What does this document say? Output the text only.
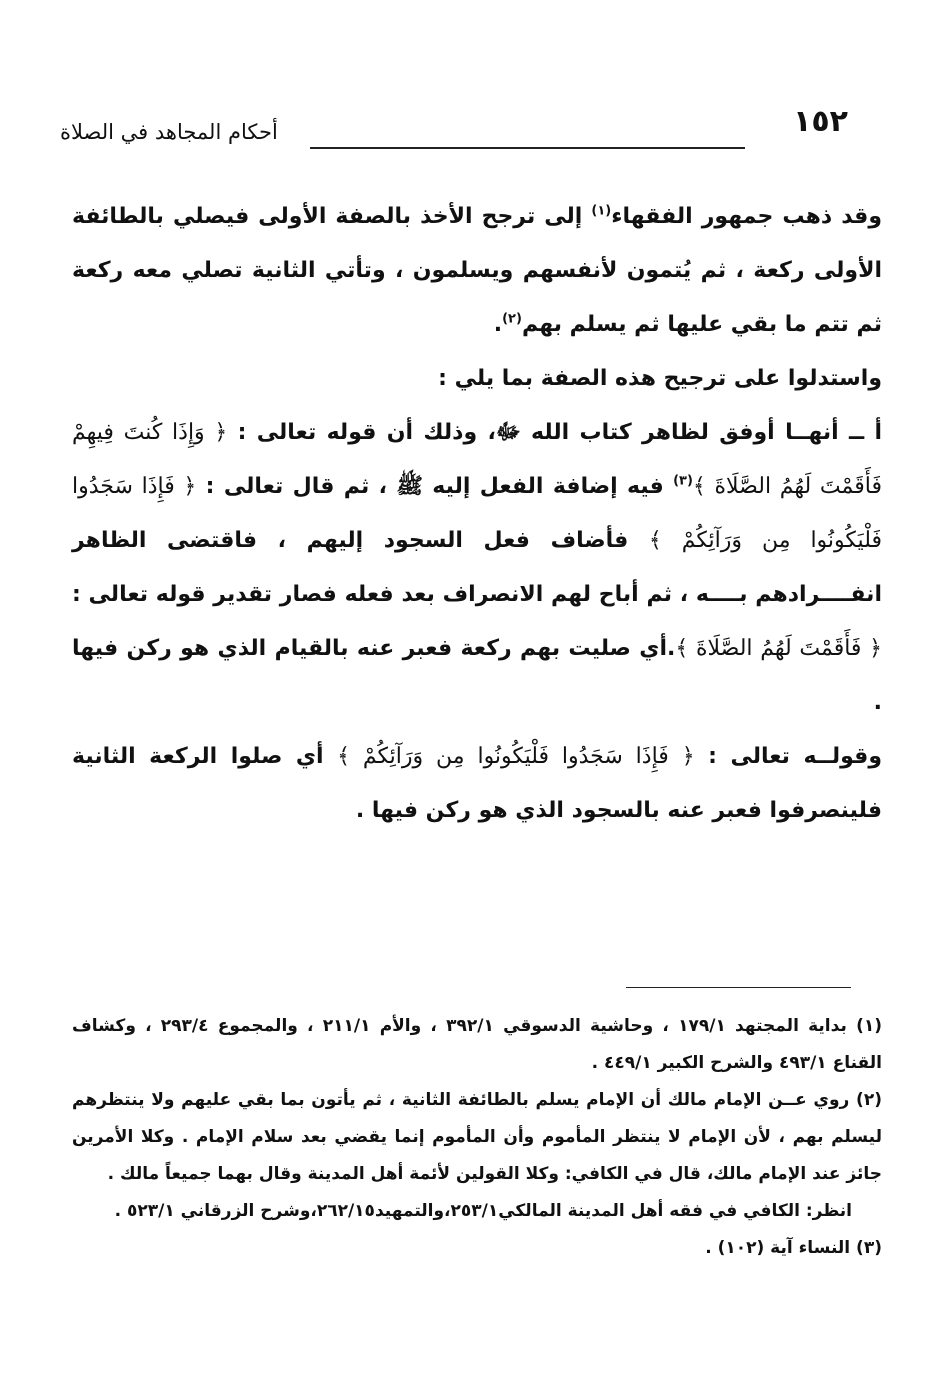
١٥٢
أحكام المجاهد في الصلاة

وقد ذهب جمهور الفقهاء$^{(١)}$ إلى ترجح الأخذ بالصفة الأولى فيصلي بالطائفة الأولى ركعة ، ثم يُتمون لأنفسهم ويسلمون ، وتأتي الثانية تصلي معه ركعة ثم تتم ما بقي عليها ثم يسلم بهم$^{(٢)}$.

واستدلوا على ترجيح هذه الصفة بما يلي :

أ ــ أنهــا أوفق لظاهر كتاب الله ﷻ، وذلك أن قوله تعالى : ﴿ وَإِذَا كُنتَ فِيهِمْ فَأَقَمْتَ لَهُمُ الصَّلَاةَ ﴾$^{(٣)}$ فيه إضافة الفعل إليه ﷺ ، ثم قال تعالى : ﴿ فَإِذَا سَجَدُوا فَلْيَكُونُوا مِن وَرَآئِكُمْ ﴾ فأضاف فعل السجود إليهم ، فاقتضى الظاهر انفــــرادهم بــــه ، ثم أباح لهم الانصراف بعد فعله فصار تقدير قوله تعالى : ﴿ فَأَقَمْتَ لَهُمُ الصَّلَاةَ ﴾.أي صليت بهم ركعة فعبر عنه بالقيام الذي هو ركن فيها .

وقولــه تعالى : ﴿ فَإِذَا سَجَدُوا فَلْيَكُونُوا مِن وَرَآئِكُمْ ﴾ أي صلوا الركعة الثانية فلينصرفوا فعبر عنه بالسجود الذي هو ركن فيها .

(١) بداية المجتهد ١٧٩/١ ، وحاشية الدسوقي ٣٩٢/١ ، والأم ٢١١/١ ، والمجموع ٢٩٣/٤ ، وكشاف القناع ٤٩٣/١ والشرح الكبير ٤٤٩/١ .

(٢) روي عــن الإمام مالك أن الإمام يسلم بالطائفة الثانية ، ثم يأتون بما بقي عليهم ولا ينتظرهم ليسلم بهم ، لأن الإمام لا ينتظر المأموم وأن المأموم إنما يقضي بعد سلام الإمام . وكلا الأمرين جائز عند الإمام مالك، قال في الكافي: وكلا القولين لأئمة أهل المدينة وقال بهما جميعاً مالك .

انظر: الكافي في فقه أهل المدينة المالكي٢٥٣/١،والتمهيد٢٦٢/١٥،وشرح الزرقاني ٥٢٣/١ .

(٣) النساء آية (١٠٢) .
